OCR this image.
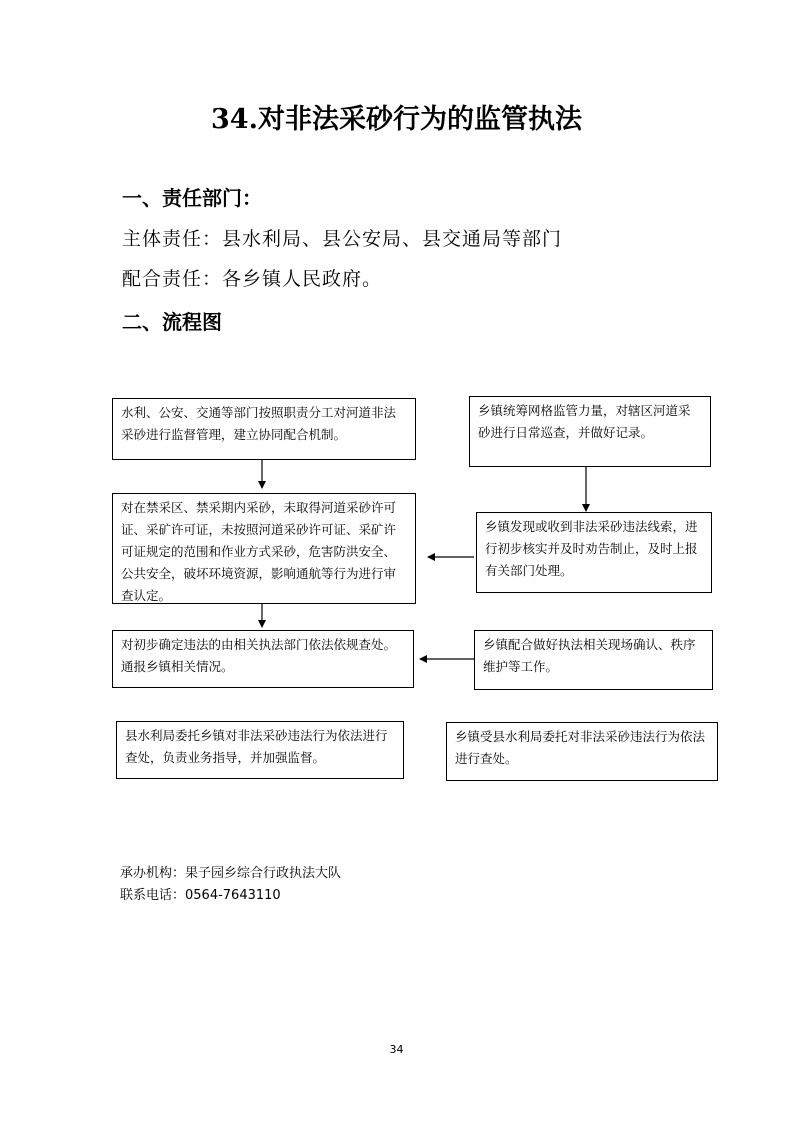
34.对非法采砂行为的监管执法
一、责任部门：
主体责任：县水利局、县公安局、县交通局等部门
配合责任：各乡镇人民政府。
二、流程图
水利、公安、交通等部门按照职责分工对河道非法采砂进行监督管理，建立协同配合机制。
乡镇统筹网格监管力量，对辖区河道采砂进行日常巡查，并做好记录。
对在禁采区、禁采期内采砂，未取得河道采砂许可证、采矿许可证，未按照河道采砂许可证、采矿许可证规定的范围和作业方式采砂，危害防洪安全、公共安全，破坏环境资源，影响通航等行为进行审查认定。
乡镇发现或收到非法采砂违法线索，进行初步核实并及时劝告制止，及时上报有关部门处理。
对初步确定违法的由相关执法部门依法依规查处。通报乡镇相关情况。
乡镇配合做好执法相关现场确认、秩序维护等工作。
县水利局委托乡镇对非法采砂违法行为依法进行查处，负责业务指导，并加强监督。
乡镇受县水利局委托对非法采砂违法行为依法进行查处。
承办机构：果子园乡综合行政执法大队
联系电话：0564-7643110
34
